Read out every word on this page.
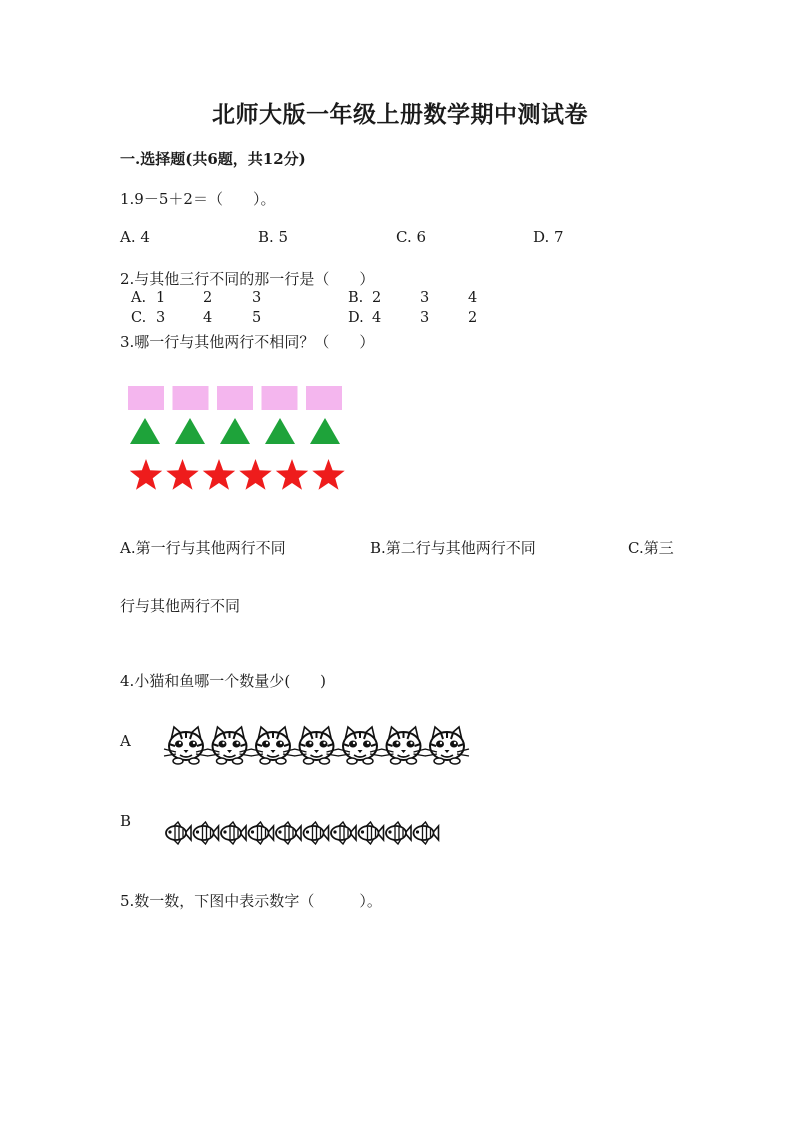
北师大版一年级上册数学期中测试卷
一.选择题(共6题，共12分)
1.9－5＋2＝（　　）。
A. 4	B. 5	C. 6	D. 7
2.与其他三行不同的那一行是（　　）
A. 1	2	3	B. 2	3	4
C. 3	4	5	D. 4	3	2
3.哪一行与其他两行不相同？（　　）
A.第一行与其他两行不同	B.第二行与其他两行不同	C.第三
行与其他两行不同
4.小猫和鱼哪一个数量少(　　)
A
B
5.数一数，下图中表示数字（　　　）。
